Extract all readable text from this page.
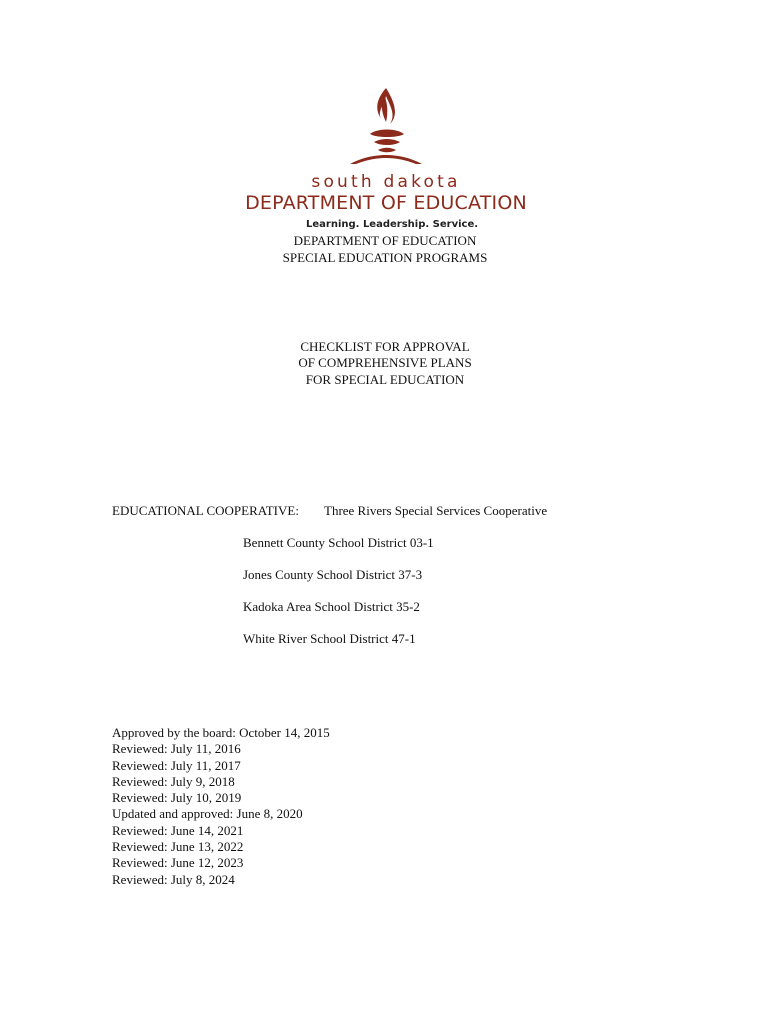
south dakota
DEPARTMENT OF EDUCATION
Learning. Leadership. Service.
DEPARTMENT OF EDUCATION
SPECIAL EDUCATION PROGRAMS
CHECKLIST FOR APPROVAL
OF COMPREHENSIVE PLANS
FOR SPECIAL EDUCATION
EDUCATIONAL COOPERATIVE: Three Rivers Special Services Cooperative
Bennett County School District 03-1
Jones County School District 37-3
Kadoka Area School District 35-2
White River School District 47-1
Approved by the board: October 14, 2015
Reviewed: July 11, 2016
Reviewed: July 11, 2017
Reviewed: July 9, 2018
Reviewed: July 10, 2019
Updated and approved: June 8, 2020
Reviewed: June 14, 2021
Reviewed: June 13, 2022
Reviewed: June 12, 2023
Reviewed: July 8, 2024
